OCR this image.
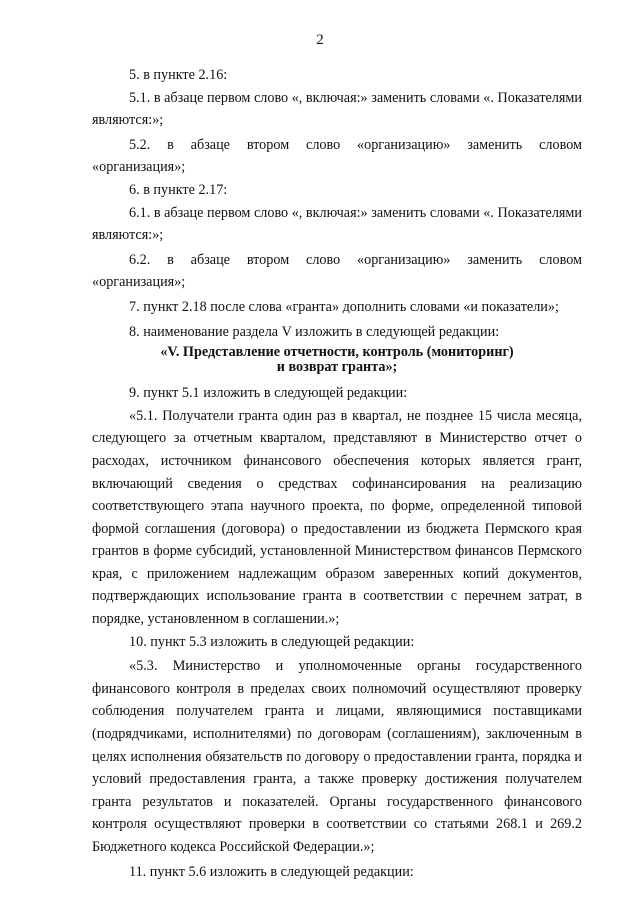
2

5. в пункте 2.16:

5.1. в абзаце первом слово «, включая:» заменить словами «. Показателями являются:»;

5.2. в абзаце втором слово «организацию» заменить словом «организация»;

6. в пункте 2.17:

6.1. в абзаце первом слово «, включая:» заменить словами «. Показателями являются:»;

6.2. в абзаце втором слово «организацию» заменить словом «организация»;

7. пункт 2.18 после слова «гранта» дополнить словами «и показатели»;

8. наименование раздела V изложить в следующей редакции:

«V. Представление отчетности, контроль (мониторинг)
и возврат гранта»;

9. пункт 5.1 изложить в следующей редакции:

«5.1. Получатели гранта один раз в квартал, не позднее 15 числа месяца, следующего за отчетным кварталом, представляют в Министерство отчет о расходах, источником финансового обеспечения которых является грант, включающий сведения о средствах софинансирования на реализацию соответствующего этапа научного проекта, по форме, определенной типовой формой соглашения (договора) о предоставлении из бюджета Пермского края грантов в форме субсидий, установленной Министерством финансов Пермского края, с приложением надлежащим образом заверенных копий документов, подтверждающих использование гранта в соответствии с перечнем затрат, в порядке, установленном в соглашении.»;

10. пункт 5.3 изложить в следующей редакции:

«5.3. Министерство и уполномоченные органы государственного финансового контроля в пределах своих полномочий осуществляют проверку соблюдения получателем гранта и лицами, являющимися поставщиками (подрядчиками, исполнителями) по договорам (соглашениям), заключенным в целях исполнения обязательств по договору о предоставлении гранта, порядка и условий предоставления гранта, а также проверку достижения получателем гранта результатов и показателей. Органы государственного финансового контроля осуществляют проверки в соответствии со статьями 268.1 и 269.2 Бюджетного кодекса Российской Федерации.»;

11. пункт 5.6 изложить в следующей редакции:
